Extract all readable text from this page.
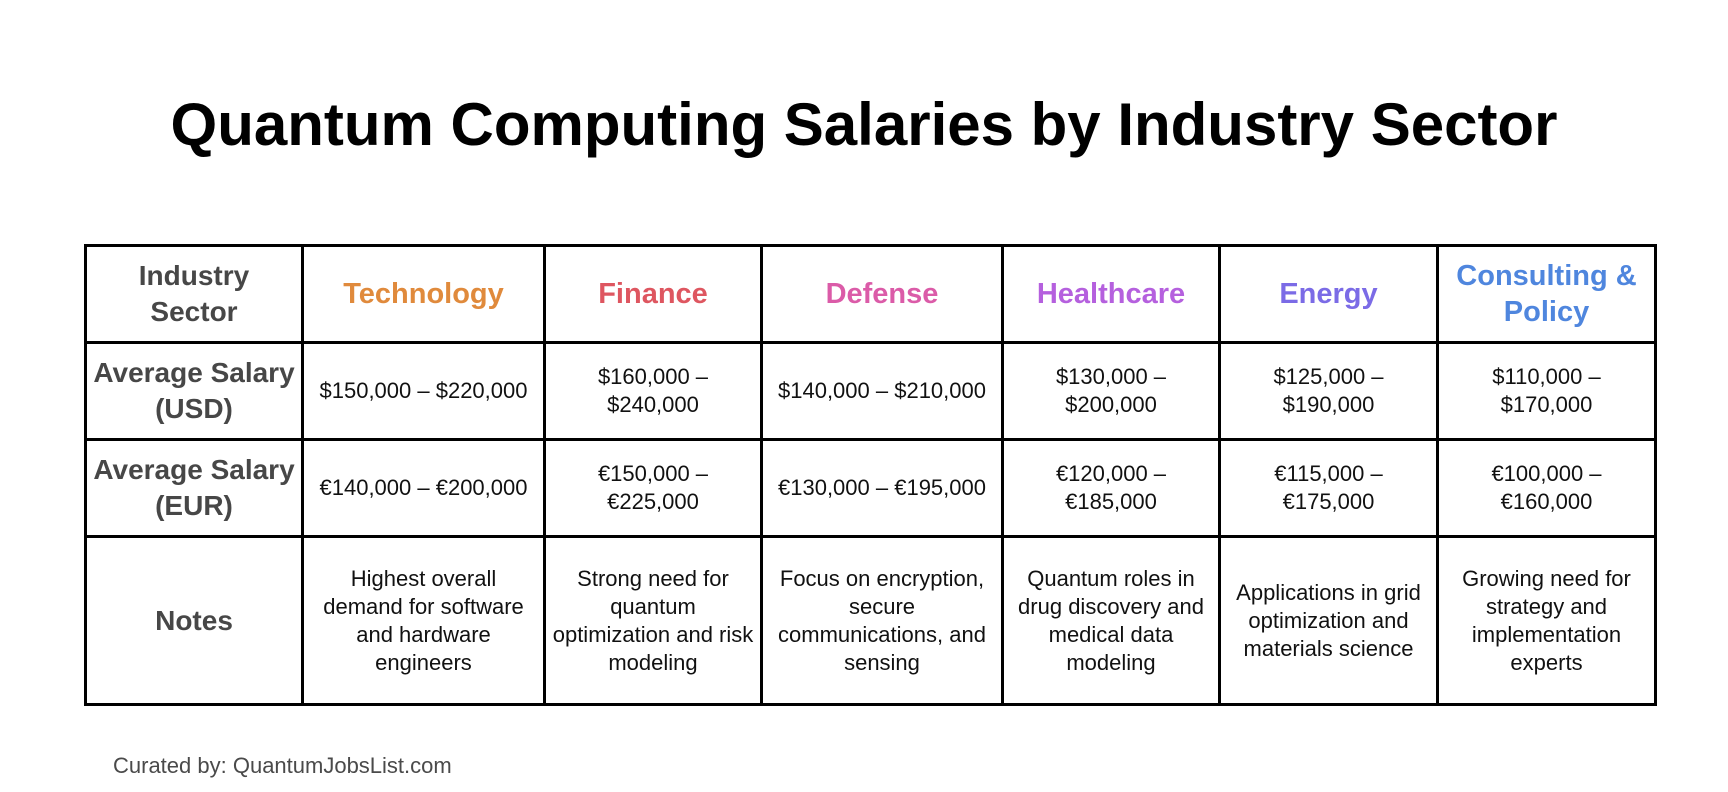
Quantum Computing Salaries by Industry Sector
Industry Sector	Technology	Finance	Defense	Healthcare	Energy	Consulting & Policy
Average Salary (USD)	$150,000 – $220,000	$160,000 – $240,000	$140,000 – $210,000	$130,000 – $200,000	$125,000 – $190,000	$110,000 – $170,000
Average Salary (EUR)	€140,000 – €200,000	€150,000 – €225,000	€130,000 – €195,000	€120,000 – €185,000	€115,000 – €175,000	€100,000 – €160,000
Notes	Highest overall demand for software and hardware engineers	Strong need for quantum optimization and risk modeling	Focus on encryption, secure communications, and sensing	Quantum roles in drug discovery and medical data modeling	Applications in grid optimization and materials science	Growing need for strategy and implementation experts
Curated by: QuantumJobsList.com
